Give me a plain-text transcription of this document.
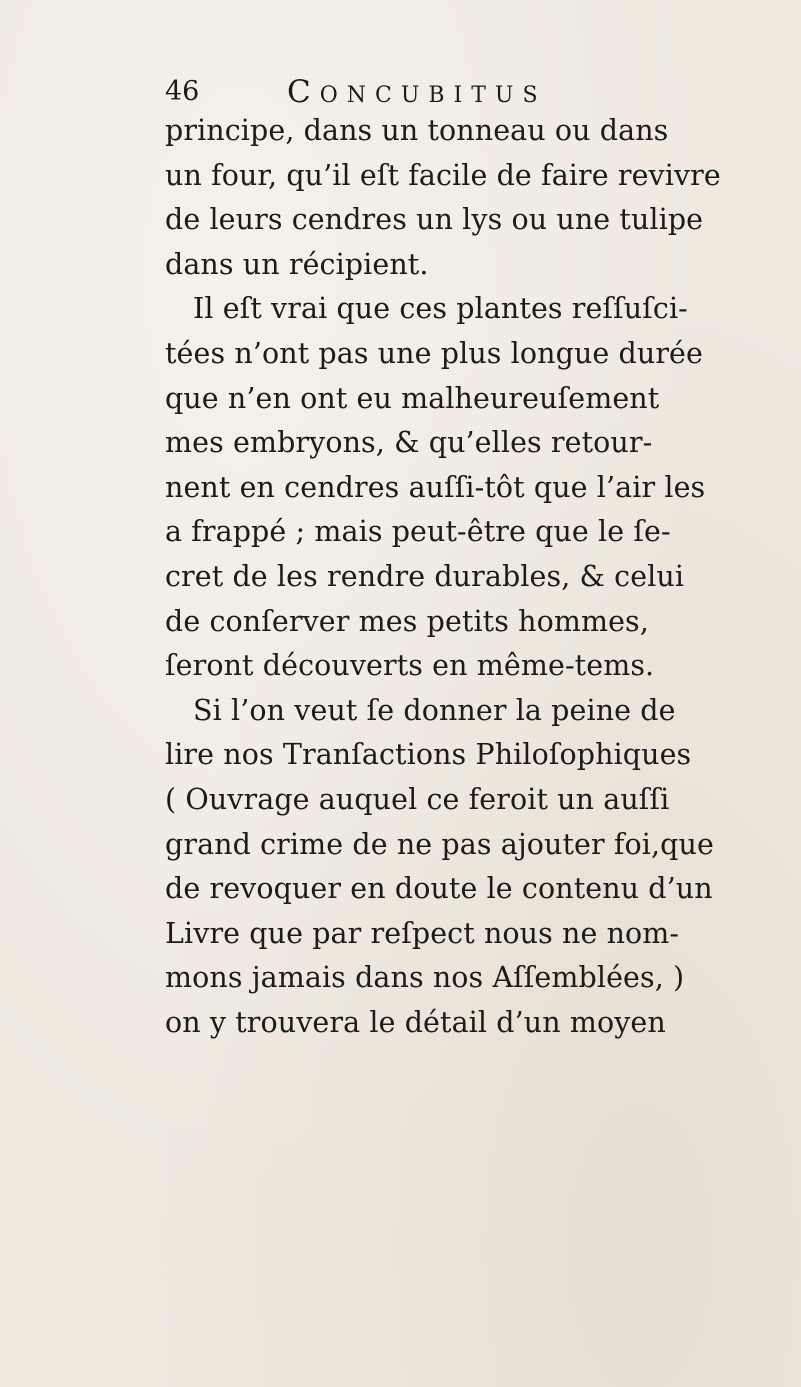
46	Concubitus
principe, dans un tonneau ou dans
un four, qu’il eſt facile de faire revivre
de leurs cendres un lys ou une tulipe
dans un récipient.
Il eſt vrai que ces plantes reſſuſci-
tées n’ont pas une plus longue durée
que n’en ont eu malheureuſement
mes embryons, & qu’elles retour-
nent en cendres auſſi-tôt que l’air les
a frappé ; mais peut-être que le ſe-
cret de les rendre durables, & celui
de conſerver mes petits hommes,
ſeront découverts en même-tems.
Si l’on veut ſe donner la peine de
lire nos Tranſactions Philoſophiques
( Ouvrage auquel ce feroit un auſſi
grand crime de ne pas ajouter foi,que
de revoquer en doute le contenu d’un
Livre que par reſpect nous ne nom-
mons jamais dans nos Aſſemblées, )
on y trouvera le détail d’un moyen
